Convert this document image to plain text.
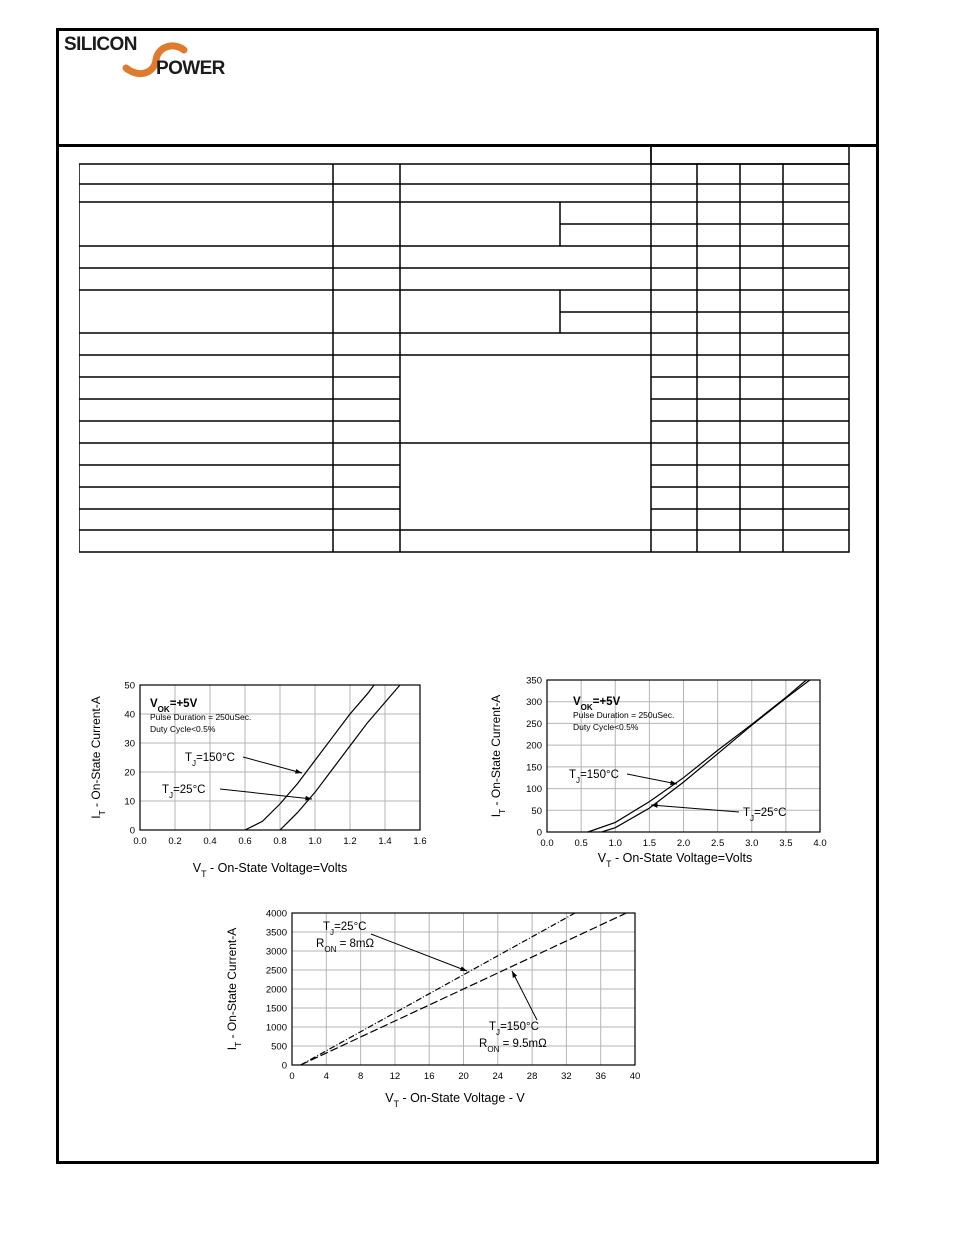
SILICON
POWER
0.0 0.2 0.4 0.6 0.8 1.0 1.2 1.4 1.6
0
10
20
30
40
50
$I_T$ - On-State Current-A
$V_T$ - On-State Voltage=Volts
$V_{OK}=+5V$
Pulse Duration = 250uSec.
Duty Cycle<0.5%
$T_J=150^\circ C$
$T_J=25^\circ C$
0.0 0.5 1.0 1.5 2.0 2.5 3.0 3.5 4.0
0
50
100
150
200
250
300
350
$I_T$ - On-State Current-A
$V_T$ - On-State Voltage=Volts
$V_{OK}=+5V$
Pulse Duration = 250uSec.
Duty Cycle<0.5%
$T_J=150^\circ C$
$T_J=25^\circ C$
0	4	8	12 16 20 24 28 32 36 40
0
500
1000
1500
2000
2500
3000
3500
4000
$I_T$ - On-State Current-A
$V_T$ - On-State Voltage - V
$T_J=25^\circ C$
$R_{ON} = 8m\Omega$
$T_J=150^\circ C$
$R_{ON} = 9.5m\Omega$
